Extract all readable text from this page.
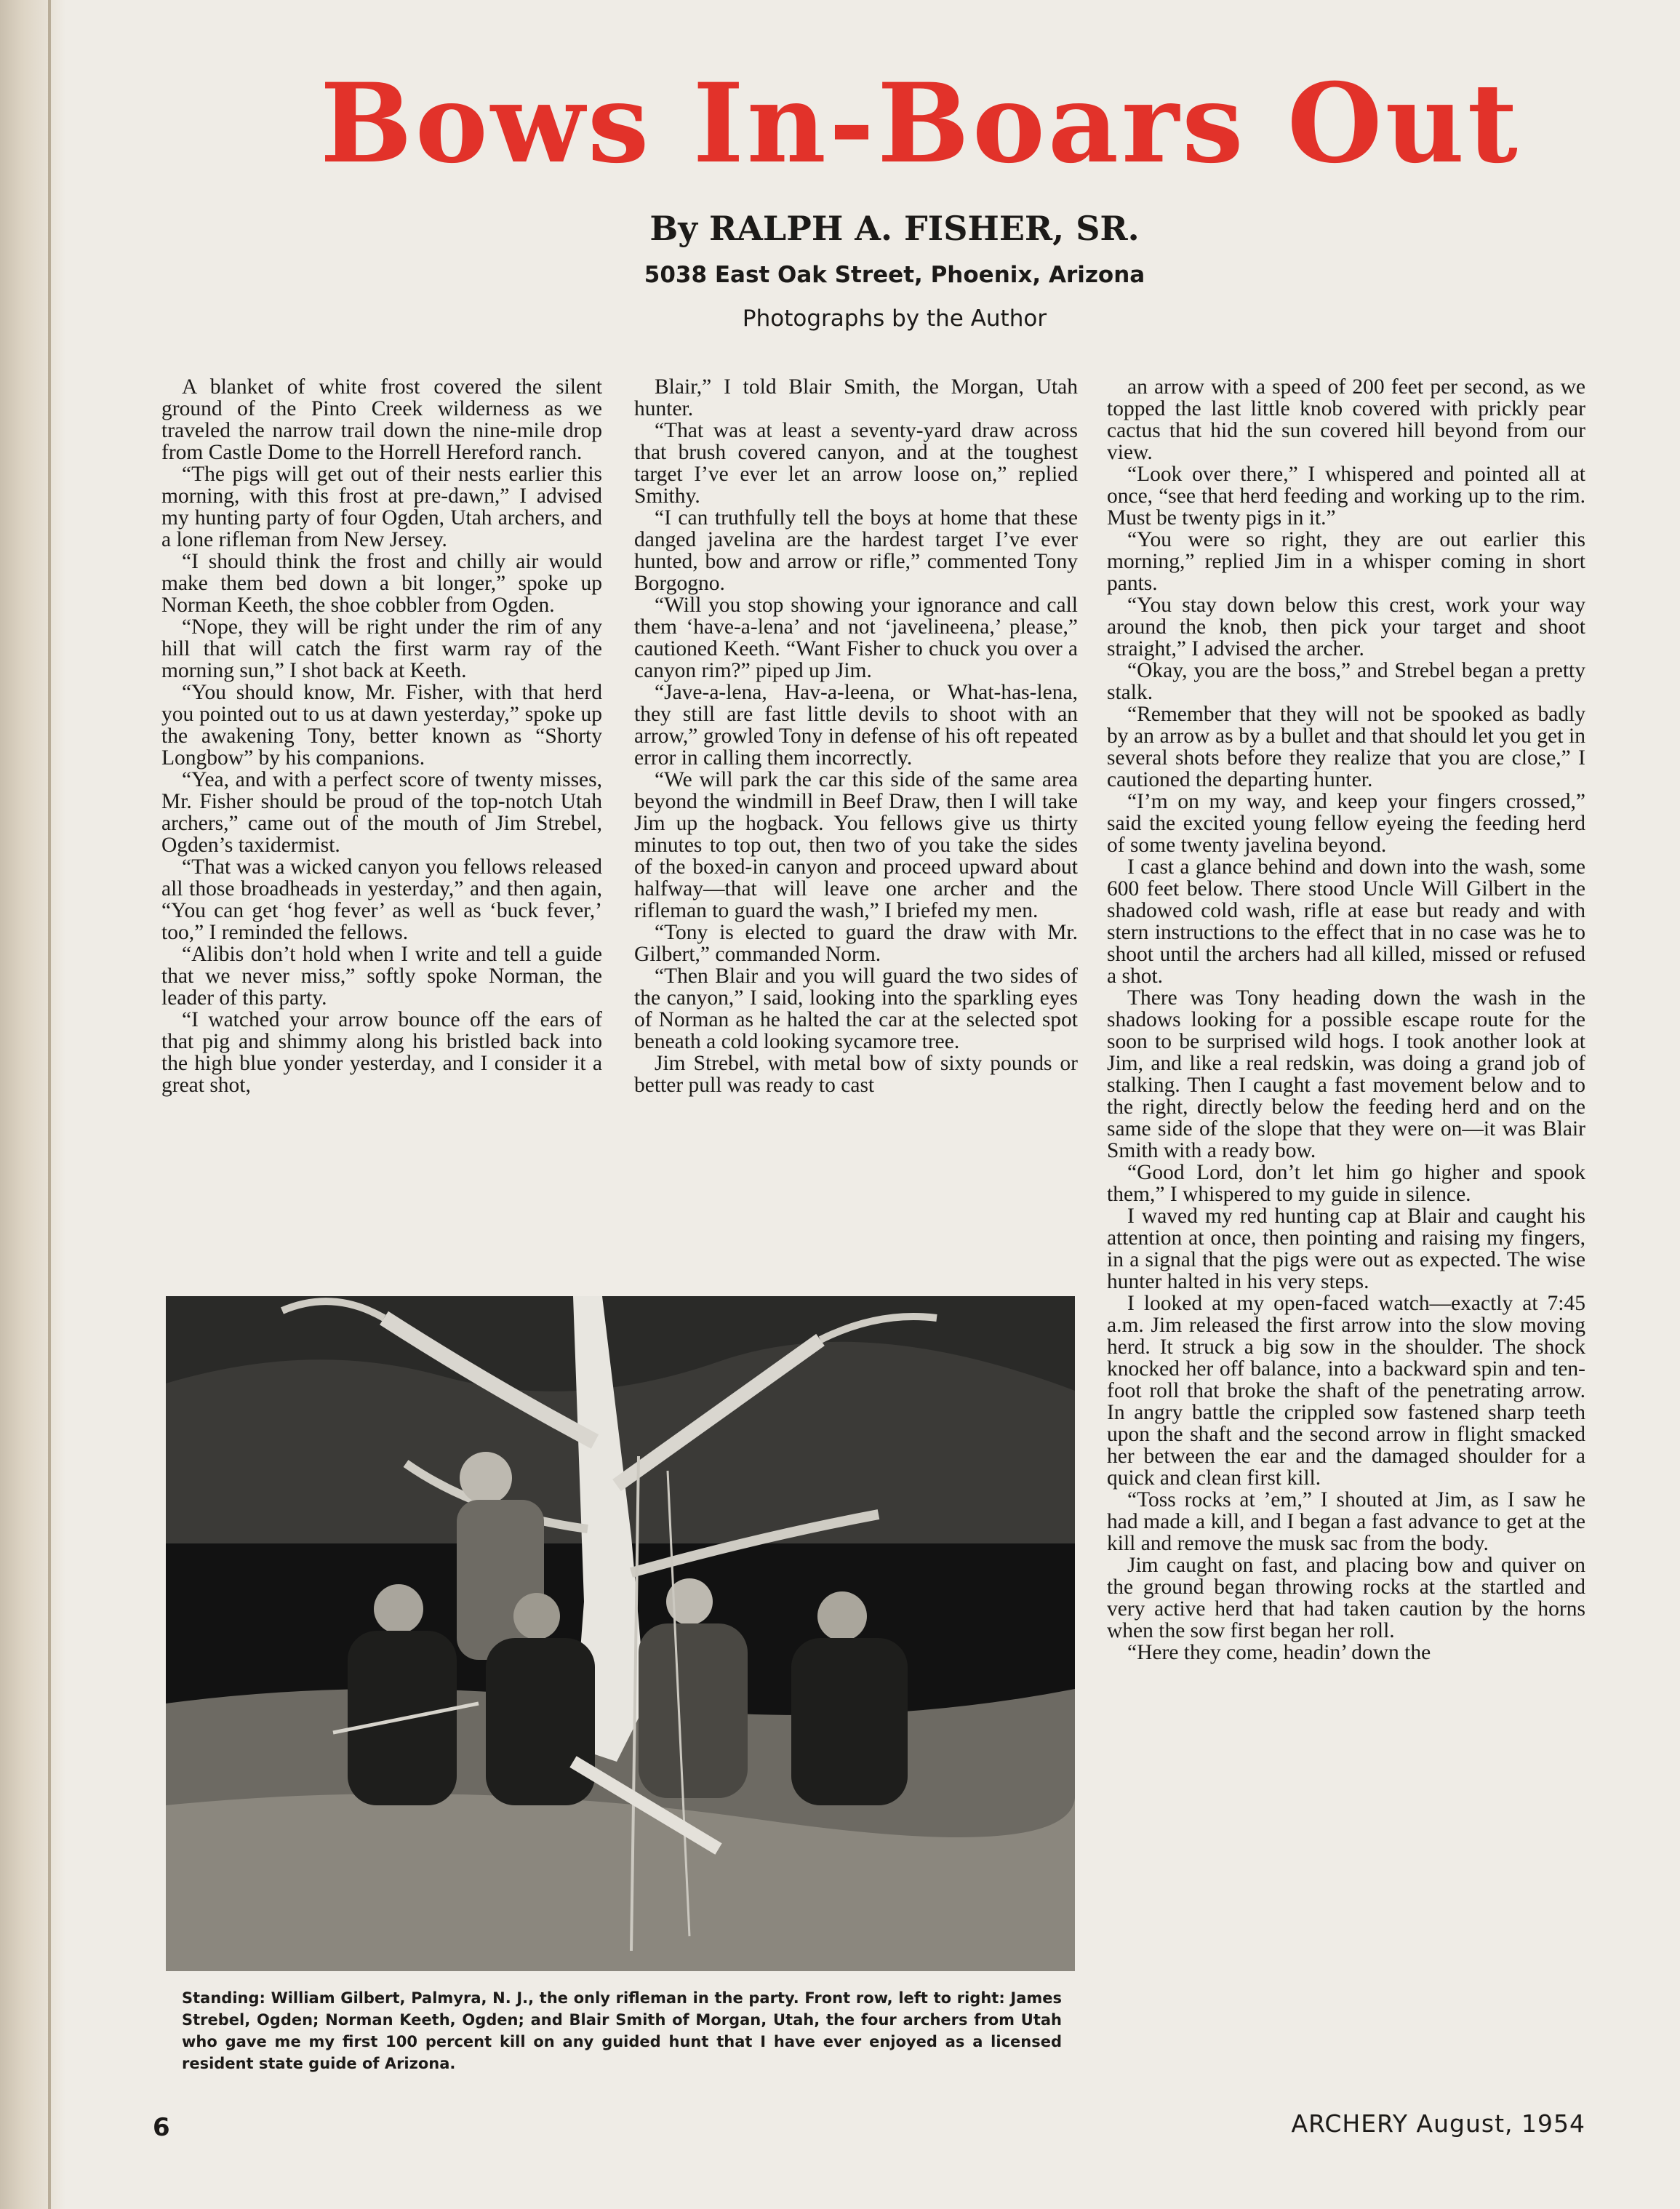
Bows In-Boars Out
By RALPH A. FISHER, SR.
5038 East Oak Street, Phoenix, Arizona
Photographs by the Author

A blanket of white frost covered the silent ground of the Pinto Creek wilderness as we traveled the narrow trail down the nine-mile drop from Castle Dome to the Horrell Hereford ranch.

“The pigs will get out of their nests earlier this morning, with this frost at pre-dawn,” I advised my hunting party of four Ogden, Utah archers, and a lone rifleman from New Jersey.

“I should think the frost and chilly air would make them bed down a bit longer,” spoke up Norman Keeth, the shoe cobbler from Ogden.

“Nope, they will be right under the rim of any hill that will catch the first warm ray of the morning sun,” I shot back at Keeth.

“You should know, Mr. Fisher, with that herd you pointed out to us at dawn yesterday,” spoke up the awakening Tony, better known as “Shorty Longbow” by his companions.

“Yea, and with a perfect score of twenty misses, Mr. Fisher should be proud of the top-notch Utah archers,” came out of the mouth of Jim Strebel, Ogden’s taxidermist.

“That was a wicked canyon you fellows released all those broadheads in yesterday,” and then again, “You can get ‘hog fever’ as well as ‘buck fever,’ too,” I reminded the fellows.

“Alibis don’t hold when I write and tell a guide that we never miss,” softly spoke Norman, the leader of this party.

“I watched your arrow bounce off the ears of that pig and shimmy along his bristled back into the high blue yonder yesterday, and I consider it a great shot,

Blair,” I told Blair Smith, the Morgan, Utah hunter.

“That was at least a seventy-yard draw across that brush covered canyon, and at the toughest target I’ve ever let an arrow loose on,” replied Smithy.

“I can truthfully tell the boys at home that these danged javelina are the hardest target I’ve ever hunted, bow and arrow or rifle,” commented Tony Borgogno.

“Will you stop showing your ignorance and call them ‘have-a-lena’ and not ‘javelineena,’ please,” cautioned Keeth. “Want Fisher to chuck you over a canyon rim?” piped up Jim.

“Jave-a-lena, Hav-a-leena, or What-has-lena, they still are fast little devils to shoot with an arrow,” growled Tony in defense of his oft repeated error in calling them incorrectly.

“We will park the car this side of the same area beyond the windmill in Beef Draw, then I will take Jim up the hogback. You fellows give us thirty minutes to top out, then two of you take the sides of the boxed-in canyon and proceed upward about halfway—that will leave one archer and the rifleman to guard the wash,” I briefed my men.

“Tony is elected to guard the draw with Mr. Gilbert,” commanded Norm.

“Then Blair and you will guard the two sides of the canyon,” I said, looking into the sparkling eyes of Norman as he halted the car at the selected spot beneath a cold looking sycamore tree.

Jim Strebel, with metal bow of sixty pounds or better pull was ready to cast

an arrow with a speed of 200 feet per second, as we topped the last little knob covered with prickly pear cactus that hid the sun covered hill beyond from our view.

“Look over there,” I whispered and pointed all at once, “see that herd feeding and working up to the rim. Must be twenty pigs in it.”

“You were so right, they are out earlier this morning,” replied Jim in a whisper coming in short pants.

“You stay down below this crest, work your way around the knob, then pick your target and shoot straight,” I advised the archer.

“Okay, you are the boss,” and Strebel began a pretty stalk.

“Remember that they will not be spooked as badly by an arrow as by a bullet and that should let you get in several shots before they realize that you are close,” I cautioned the departing hunter.

“I’m on my way, and keep your fingers crossed,” said the excited young fellow eyeing the feeding herd of some twenty javelina beyond.

I cast a glance behind and down into the wash, some 600 feet below. There stood Uncle Will Gilbert in the shadowed cold wash, rifle at ease but ready and with stern instructions to the effect that in no case was he to shoot until the archers had all killed, missed or refused a shot.

There was Tony heading down the wash in the shadows looking for a possible escape route for the soon to be surprised wild hogs. I took another look at Jim, and like a real redskin, was doing a grand job of stalking. Then I caught a fast movement below and to the right, directly below the feeding herd and on the same side of the slope that they were on—it was Blair Smith with a ready bow.

“Good Lord, don’t let him go higher and spook them,” I whispered to my guide in silence.

I waved my red hunting cap at Blair and caught his attention at once, then pointing and raising my fingers, in a signal that the pigs were out as expected. The wise hunter halted in his very steps.

I looked at my open-faced watch—exactly at 7:45 a.m. Jim released the first arrow into the slow moving herd. It struck a big sow in the shoulder. The shock knocked her off balance, into a backward spin and ten-foot roll that broke the shaft of the penetrating arrow. In angry battle the crippled sow fastened sharp teeth upon the shaft and the second arrow in flight smacked her between the ear and the damaged shoulder for a quick and clean first kill.

“Toss rocks at ’em,” I shouted at Jim, as I saw he had made a kill, and I began a fast advance to get at the kill and remove the musk sac from the body.

Jim caught on fast, and placing bow and quiver on the ground began throwing rocks at the startled and very active herd that had taken caution by the horns when the sow first began her roll.

“Here they come, headin’ down the

Standing: William Gilbert, Palmyra, N. J., the only rifleman in the party. Front row, left to right: James Strebel, Ogden; Norman Keeth, Ogden; and Blair Smith of Morgan, Utah, the four archers from Utah who gave me my first 100 percent kill on any guided hunt that I have ever enjoyed as a licensed resident state guide of Arizona.
6	ARCHERY August, 1954
